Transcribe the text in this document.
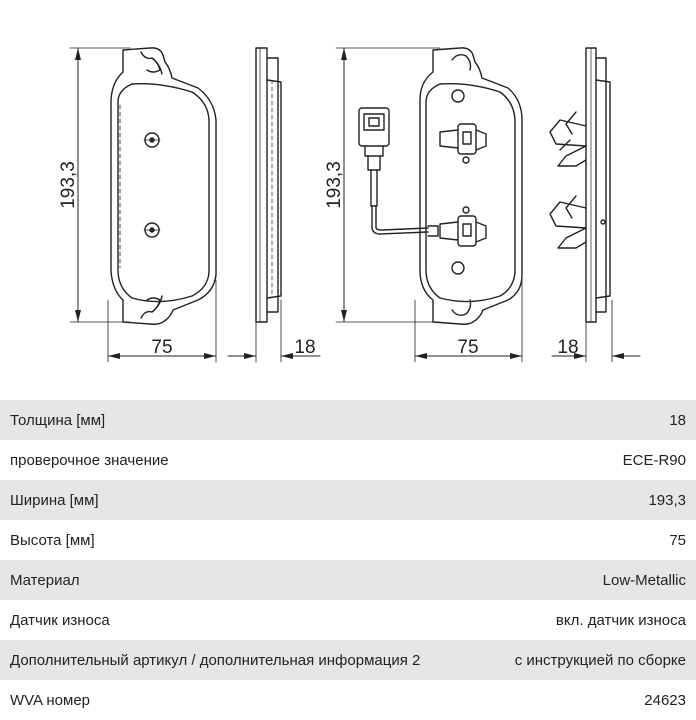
193,3
75	18
193,3
75	18
Толщина [мм]	18
проверочное значение	ECE-R90
Ширина [мм]	193,3
Высота [мм]	75
Материал	Low-Metallic
Датчик износа	вкл. датчик износа
Дополнительный артикул / дополнительная информация 2	с инструкцией по сборке
WVA номер	24623
